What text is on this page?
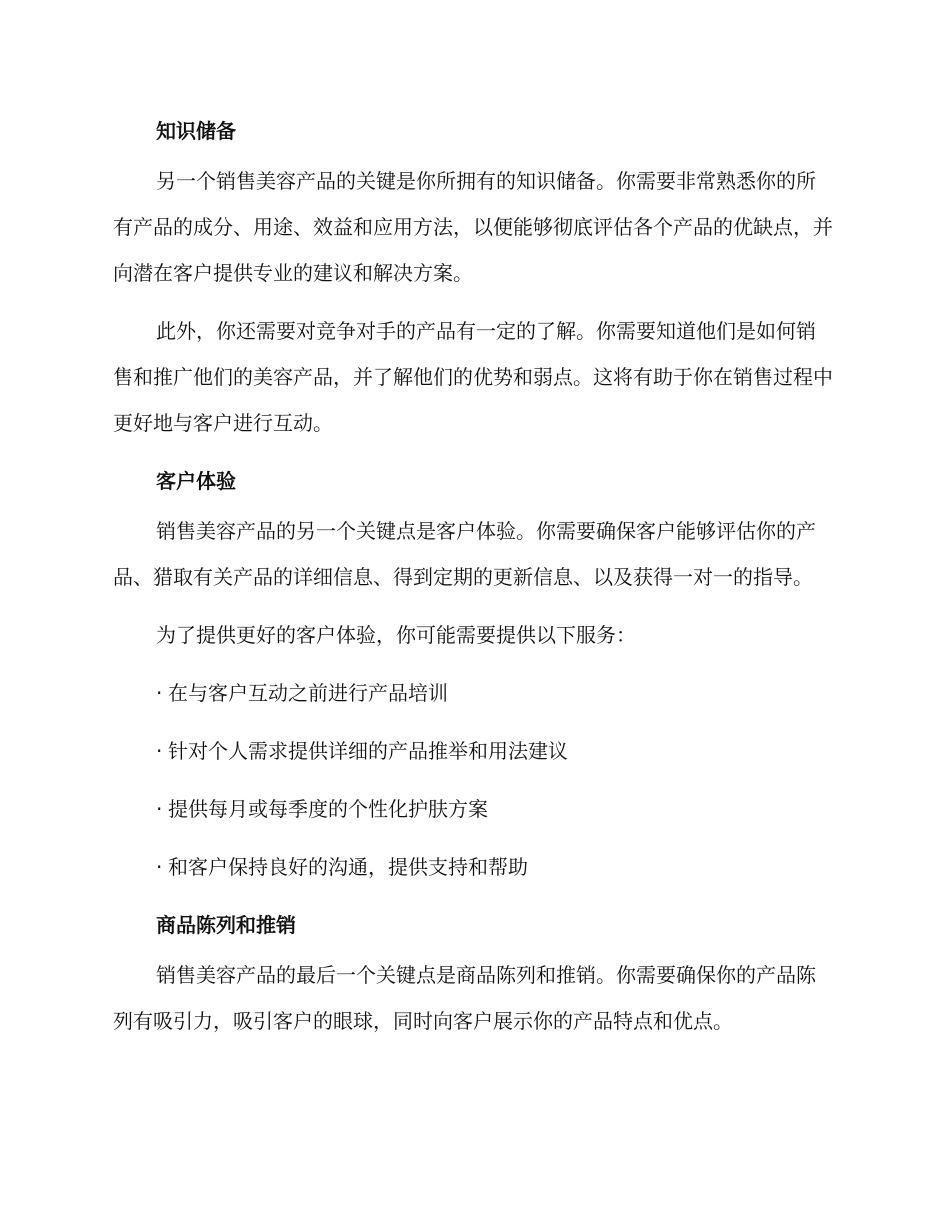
知识储备

另一个销售美容产品的关键是你所拥有的知识储备。你需要非常熟悉你的所有产品的成分、用途、效益和应用方法，以便能够彻底评估各个产品的优缺点，并向潜在客户提供专业的建议和解决方案。

此外，你还需要对竞争对手的产品有一定的了解。你需要知道他们是如何销售和推广他们的美容产品，并了解他们的优势和弱点。这将有助于你在销售过程中更好地与客户进行互动。

客户体验

销售美容产品的另一个关键点是客户体验。你需要确保客户能够评估你的产品、猎取有关产品的详细信息、得到定期的更新信息、以及获得一对一的指导。

为了提供更好的客户体验，你可能需要提供以下服务：

· 在与客户互动之前进行产品培训

· 针对个人需求提供详细的产品推举和用法建议

· 提供每月或每季度的个性化护肤方案

· 和客户保持良好的沟通，提供支持和帮助

商品陈列和推销

销售美容产品的最后一个关键点是商品陈列和推销。你需要确保你的产品陈列有吸引力，吸引客户的眼球，同时向客户展示你的产品特点和优点。
